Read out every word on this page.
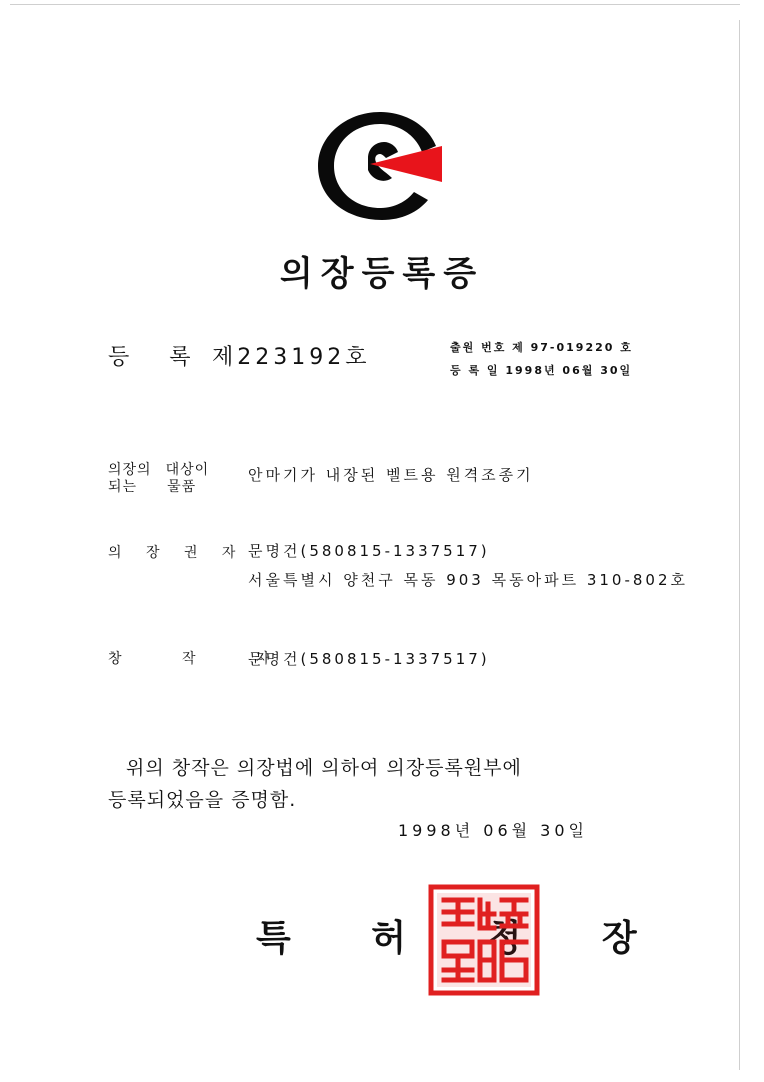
의장등록증
등 록 제223192호	출원 번호 제 97-019220 호
등 록 일 1998년 06월 30일
의장의 대상이
되는 물품
안마기가 내장된 벨트용 원격조종기
의 장 권 자 문명건(580815-1337517)
서울특별시 양천구 목동 903 목동아파트 310-802호
창 작 자
문명건(580815-1337517)
위의 창작은 의장법에 의하여 의장등록원부에
등록되었음을 증명함.
1998년 06월 30일
특 허 청 장
